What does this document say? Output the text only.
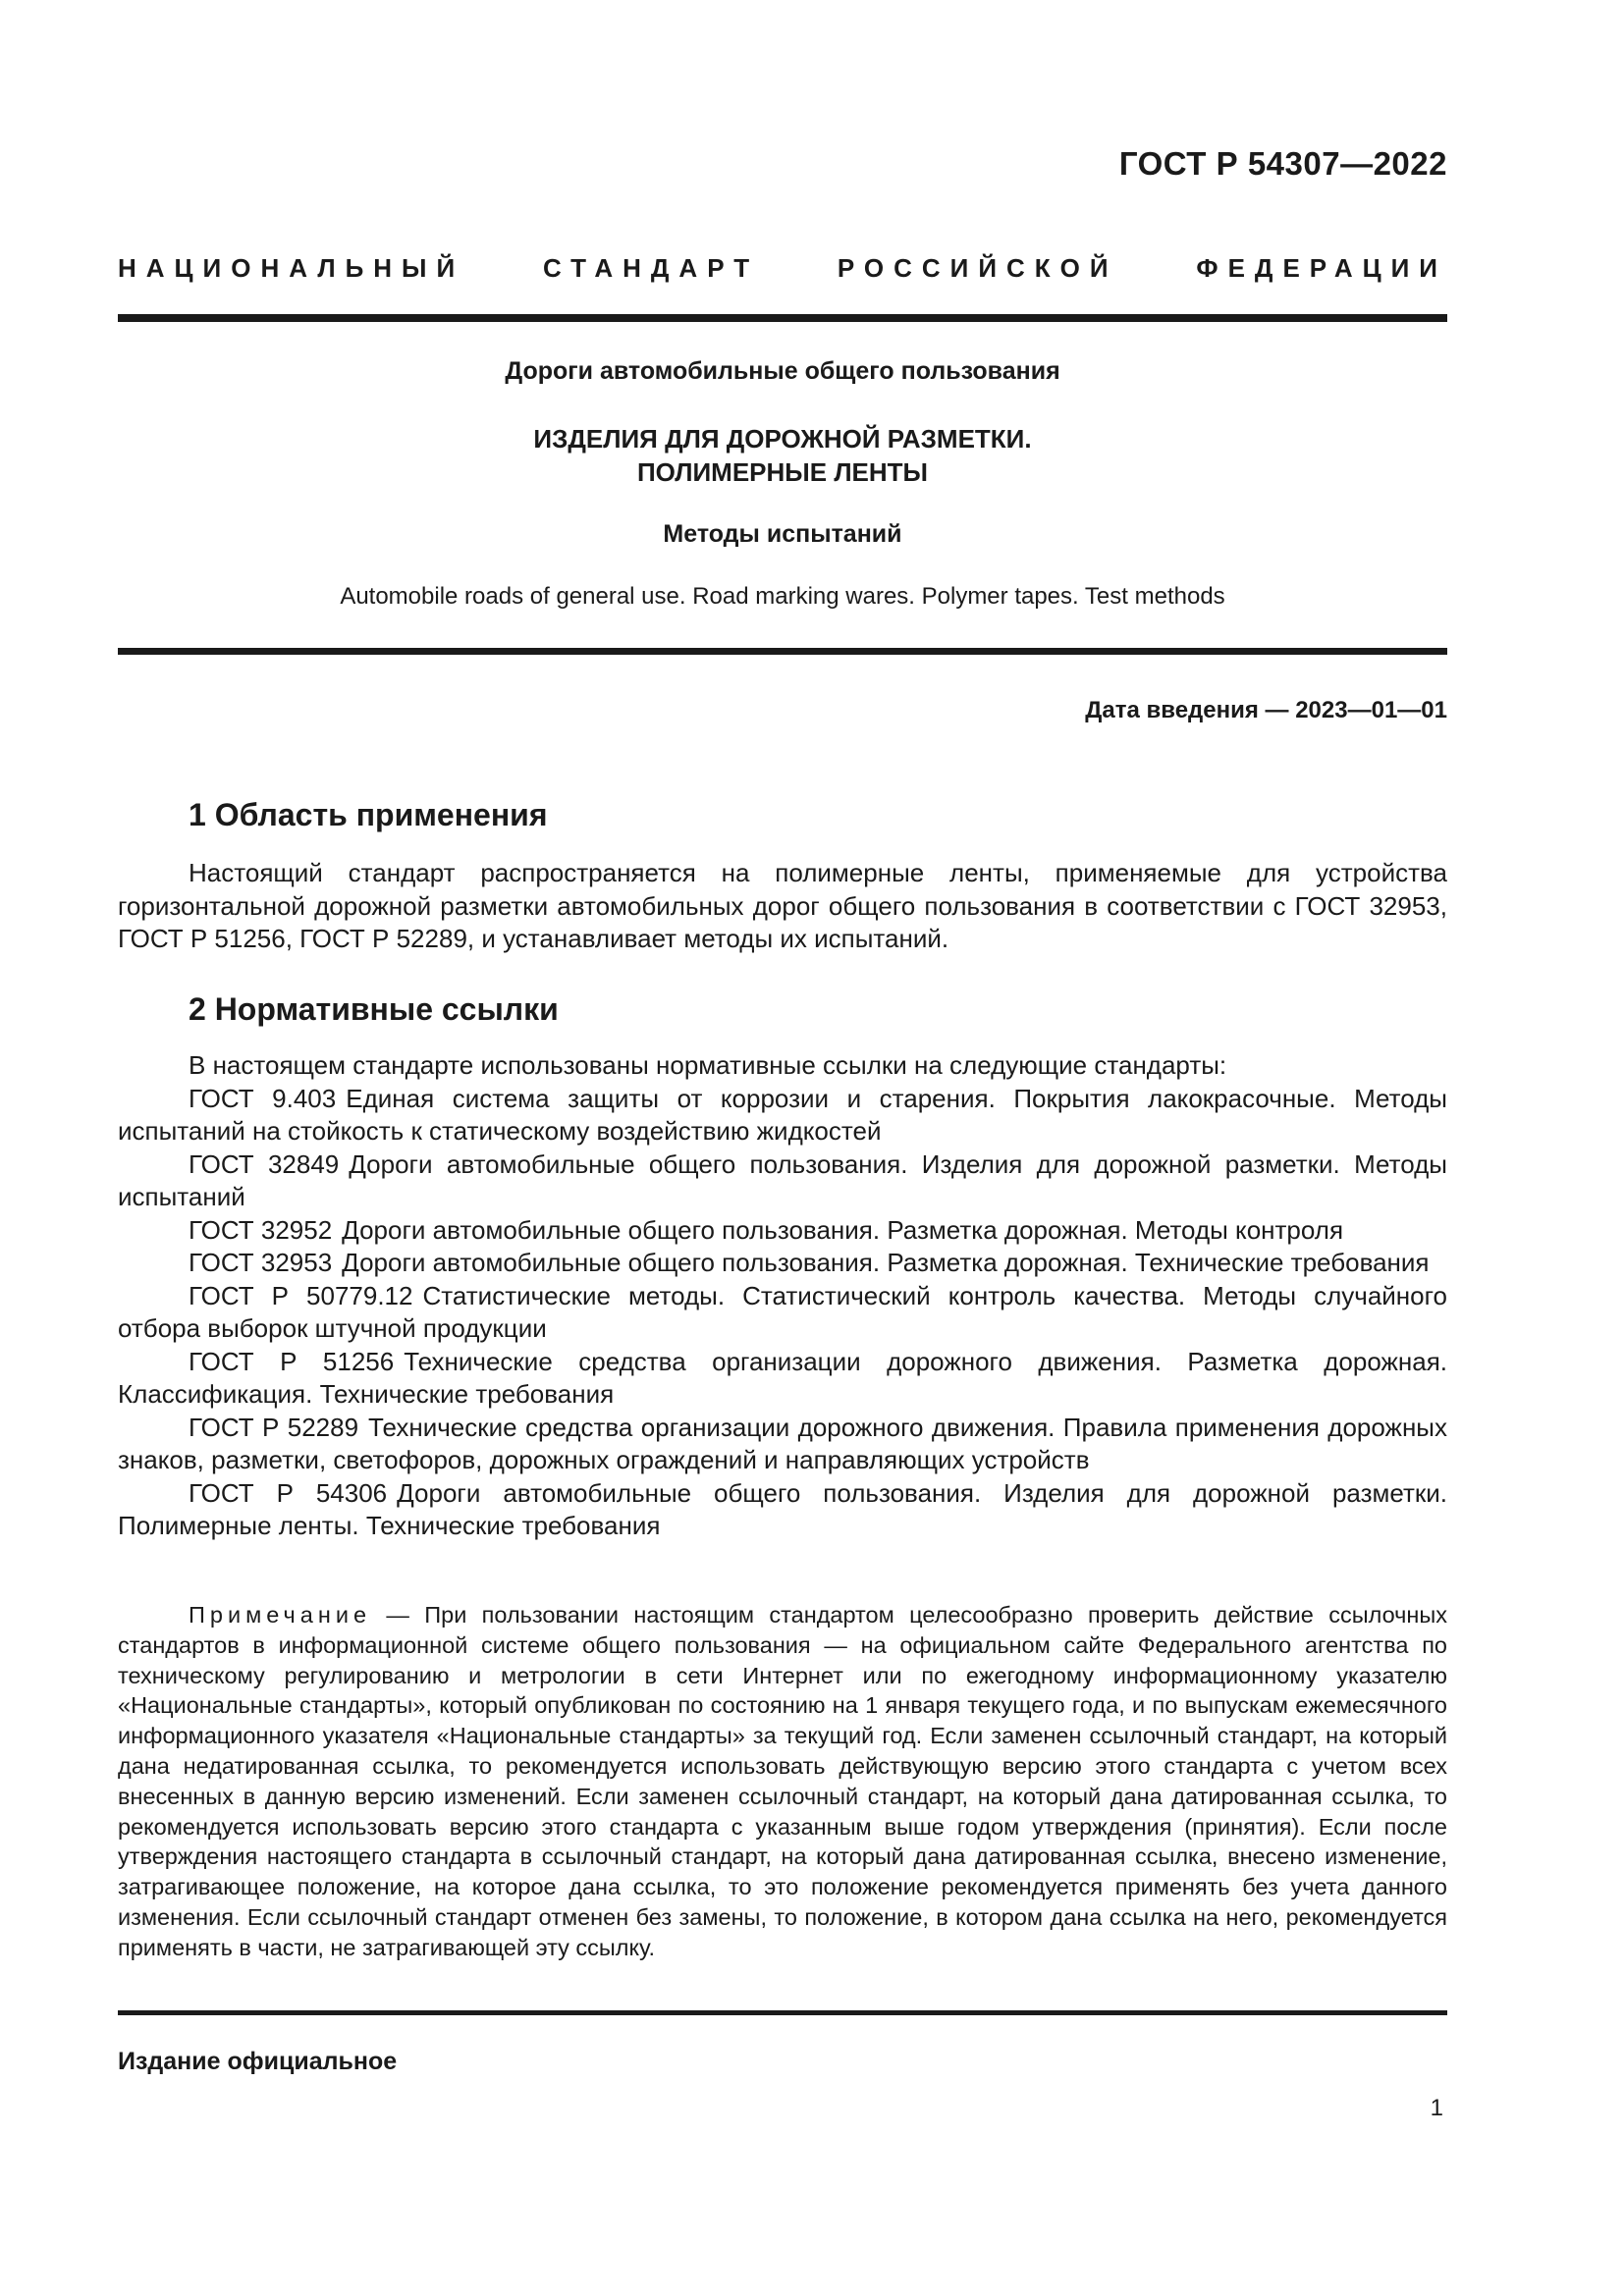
ГОСТ Р 54307—2022
НАЦИОНАЛЬНЫЙ СТАНДАРТ РОССИЙСКОЙ ФЕДЕРАЦИИ
Дороги автомобильные общего пользования
ИЗДЕЛИЯ ДЛЯ ДОРОЖНОЙ РАЗМЕТКИ.
ПОЛИМЕРНЫЕ ЛЕНТЫ
Методы испытаний
Automobile roads of general use. Road marking wares. Polymer tapes. Test methods
Дата введения — 2023—01—01
1 Область применения

Настоящий стандарт распространяется на полимерные ленты, применяемые для устройства горизонтальной дорожной разметки автомобильных дорог общего пользования в соответствии с ГОСТ 32953, ГОСТ Р 51256, ГОСТ Р 52289, и устанавливает методы их испытаний.

2 Нормативные ссылки

В настоящем стандарте использованы нормативные ссылки на следующие стандарты:

ГОСТ 9.403 Единая система защиты от коррозии и старения. Покрытия лакокрасочные. Методы испытаний на стойкость к статическому воздействию жидкостей
ГОСТ 32849 Дороги автомобильные общего пользования. Изделия для дорожной разметки. Методы испытаний
ГОСТ 32952 Дороги автомобильные общего пользования. Разметка дорожная. Методы контроля
ГОСТ 32953 Дороги автомобильные общего пользования. Разметка дорожная. Технические требования
ГОСТ Р 50779.12 Статистические методы. Статистический контроль качества. Методы случайного отбора выборок штучной продукции
ГОСТ Р 51256 Технические средства организации дорожного движения. Разметка дорожная. Классификация. Технические требования
ГОСТ Р 52289 Технические средства организации дорожного движения. Правила применения дорожных знаков, разметки, светофоров, дорожных ограждений и направляющих устройств
ГОСТ Р 54306 Дороги автомобильные общего пользования. Изделия для дорожной разметки. Полимерные ленты. Технические требования
Примечание — При пользовании настоящим стандартом целесообразно проверить действие ссылочных стандартов в информационной системе общего пользования — на официальном сайте Федерального агентства по техническому регулированию и метрологии в сети Интернет или по ежегодному информационному указателю «Национальные стандарты», который опубликован по состоянию на 1 января текущего года, и по выпускам ежемесячного информационного указателя «Национальные стандарты» за текущий год. Если заменен ссылочный стандарт, на который дана недатированная ссылка, то рекомендуется использовать действующую версию этого стандарта с учетом всех внесенных в данную версию изменений. Если заменен ссылочный стандарт, на который дана датированная ссылка, то рекомендуется использовать версию этого стандарта с указанным выше годом утверждения (принятия). Если после утверждения настоящего стандарта в ссылочный стандарт, на который дана датированная ссылка, внесено изменение, затрагивающее положение, на которое дана ссылка, то это положение рекомендуется применять без учета данного изменения. Если ссылочный стандарт отменен без замены, то положение, в котором дана ссылка на него, рекомендуется применять в части, не затрагивающей эту ссылку.
Издание официальное
1
